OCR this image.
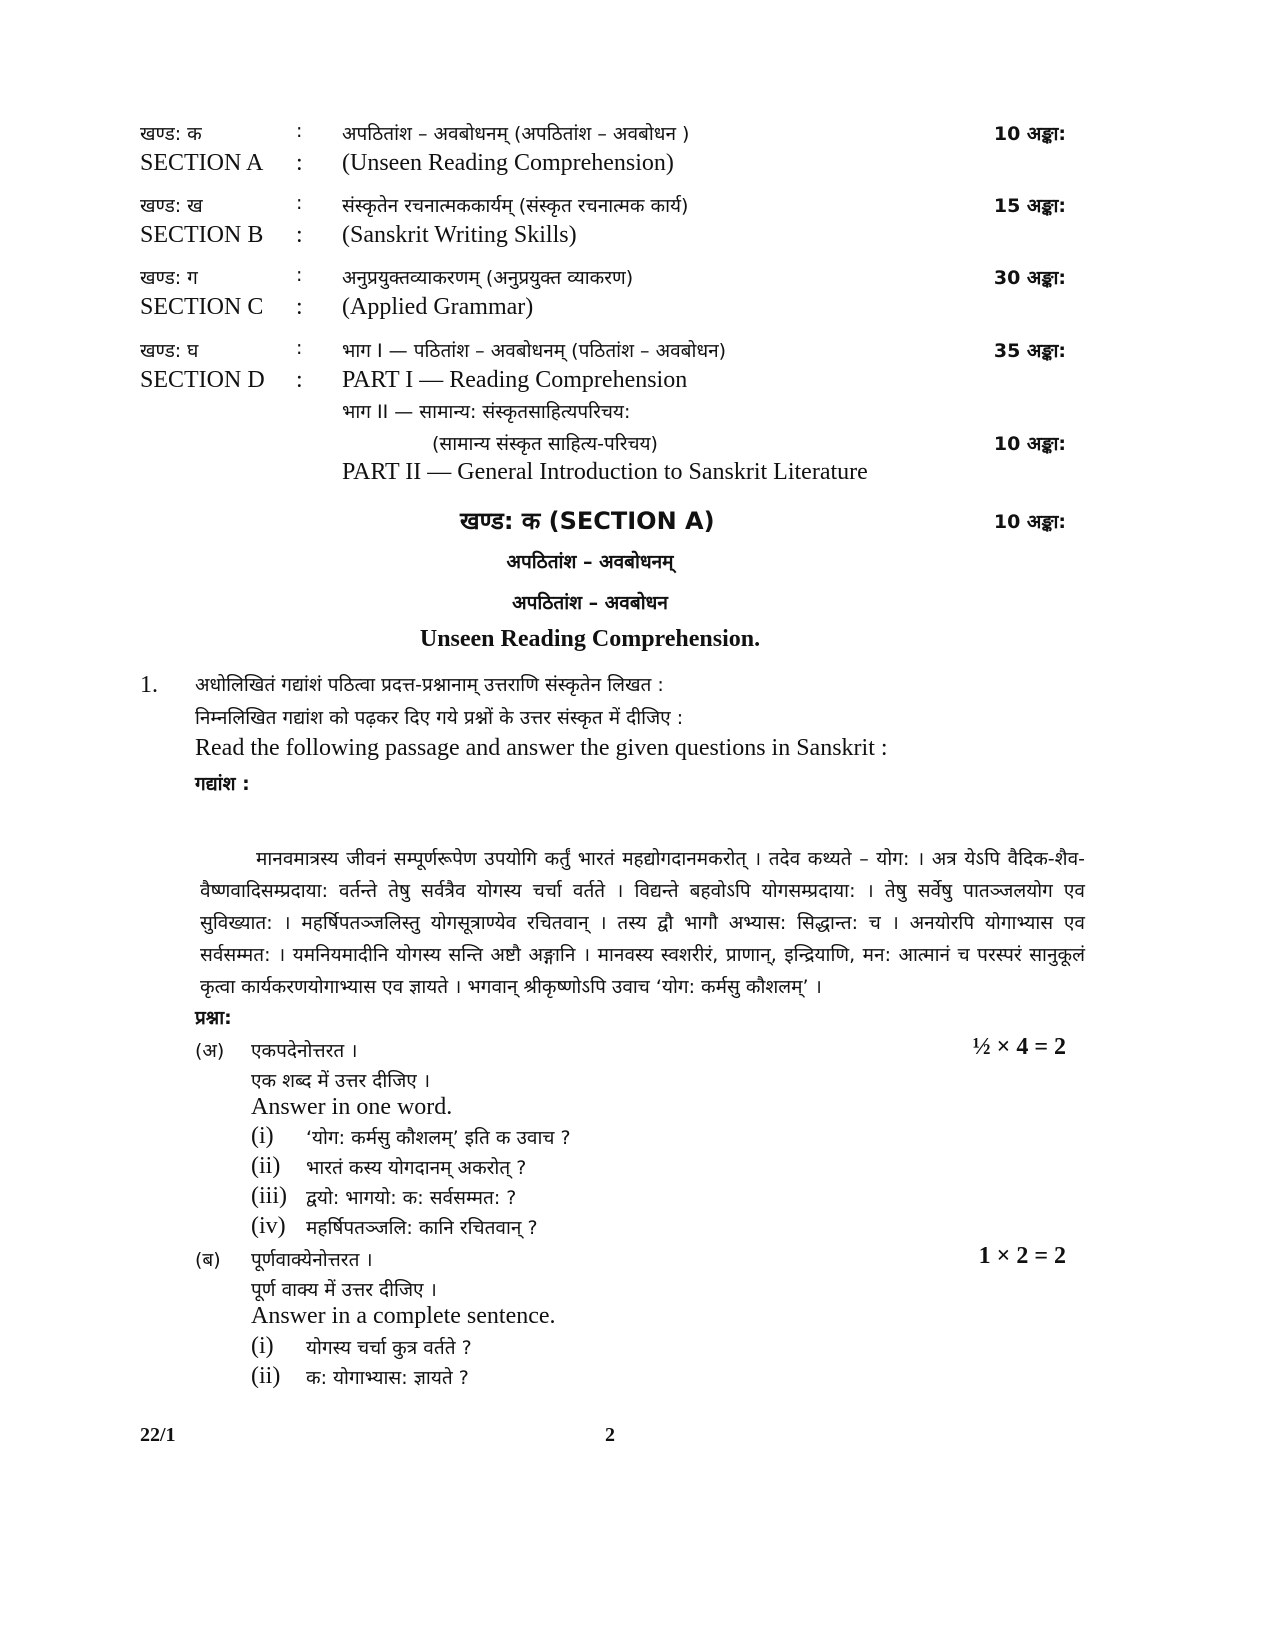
खण्ड: क	: अपठितांश – अवबोधनम् (अपठितांश – अवबोधन )	10 अङ्का:
SECTION A : (Unseen Reading Comprehension)
खण्ड: ख	: संस्कृतेन रचनात्मककार्यम् (संस्कृत रचनात्मक कार्य)	15 अङ्का:
SECTION B : (Sanskrit Writing Skills)
खण्ड: ग	: अनुप्रयुक्तव्याकरणम् (अनुप्रयुक्त व्याकरण)	30 अङ्का:
SECTION C : (Applied Grammar)
खण्ड: घ	: भाग I — पठितांश – अवबोधनम् (पठितांश – अवबोधन)	35 अङ्का:
SECTION D : PART I — Reading Comprehension
भाग II — सामान्य: संस्कृतसाहित्यपरिचय:
(सामान्य संस्कृत साहित्य-परिचय)	10 अङ्का:
PART II — General Introduction to Sanskrit Literature
खण्ड: क (SECTION A)	10 अङ्का:
अपठितांश – अवबोधनम्
अपठितांश – अवबोधन
Unseen Reading Comprehension.
1. अधोलिखितं गद्यांशं पठित्वा प्रदत्त-प्रश्नानाम् उत्तराणि संस्कृतेन लिखत :
निम्नलिखित गद्यांश को पढ़कर दिए गये प्रश्नों के उत्तर संस्कृत में दीजिए :
Read the following passage and answer the given questions in Sanskrit :
गद्यांश :
मानवमात्रस्य जीवनं सम्पूर्णरूपेण उपयोगि कर्तुं भारतं महद्योगदानमकरोत् । तदेव कथ्यते – योग: । अत्र येऽपि वैदिक-शैव-वैष्णवादिसम्प्रदाया: वर्तन्ते तेषु सर्वत्रैव योगस्य चर्चा वर्तते । विद्यन्ते बहवोऽपि योगसम्प्रदाया: । तेषु सर्वेषु पातञ्जलयोग एव सुविख्यात: । महर्षिपतञ्जलिस्तु योगसूत्राण्येव रचितवान् । तस्य द्वौ भागौ अभ्यास: सिद्धान्त: च । अनयोरपि योगाभ्यास एव सर्वसम्मत: । यमनियमादीनि योगस्य सन्ति अष्टौ अङ्गानि । मानवस्य स्वशरीरं, प्राणान्, इन्द्रियाणि, मन: आत्मानं च परस्परं सानुकूलं कृत्वा कार्यकरणयोगाभ्यास एव ज्ञायते । भगवान् श्रीकृष्णोऽपि उवाच ‘योग: कर्मसु कौशलम्’ ।
प्रश्ना:
(अ) एकपदेनोत्तरत ।	½ × 4 = 2
एक शब्द में उत्तर दीजिए ।
Answer in one word.
(i) ‘योग: कर्मसु कौशलम्’ इति क उवाच ?
(ii) भारतं कस्य योगदानम् अकरोत् ?
(iii) द्वयो: भागयो: क: सर्वसम्मत: ?
(iv) महर्षिपतञ्जलि: कानि रचितवान् ?
(ब) पूर्णवाक्येनोत्तरत ।	1 × 2 = 2
पूर्ण वाक्य में उत्तर दीजिए ।
Answer in a complete sentence.
(i) योगस्य चर्चा कुत्र वर्तते ?
(ii) क: योगाभ्यास: ज्ञायते ?
22/1	2
